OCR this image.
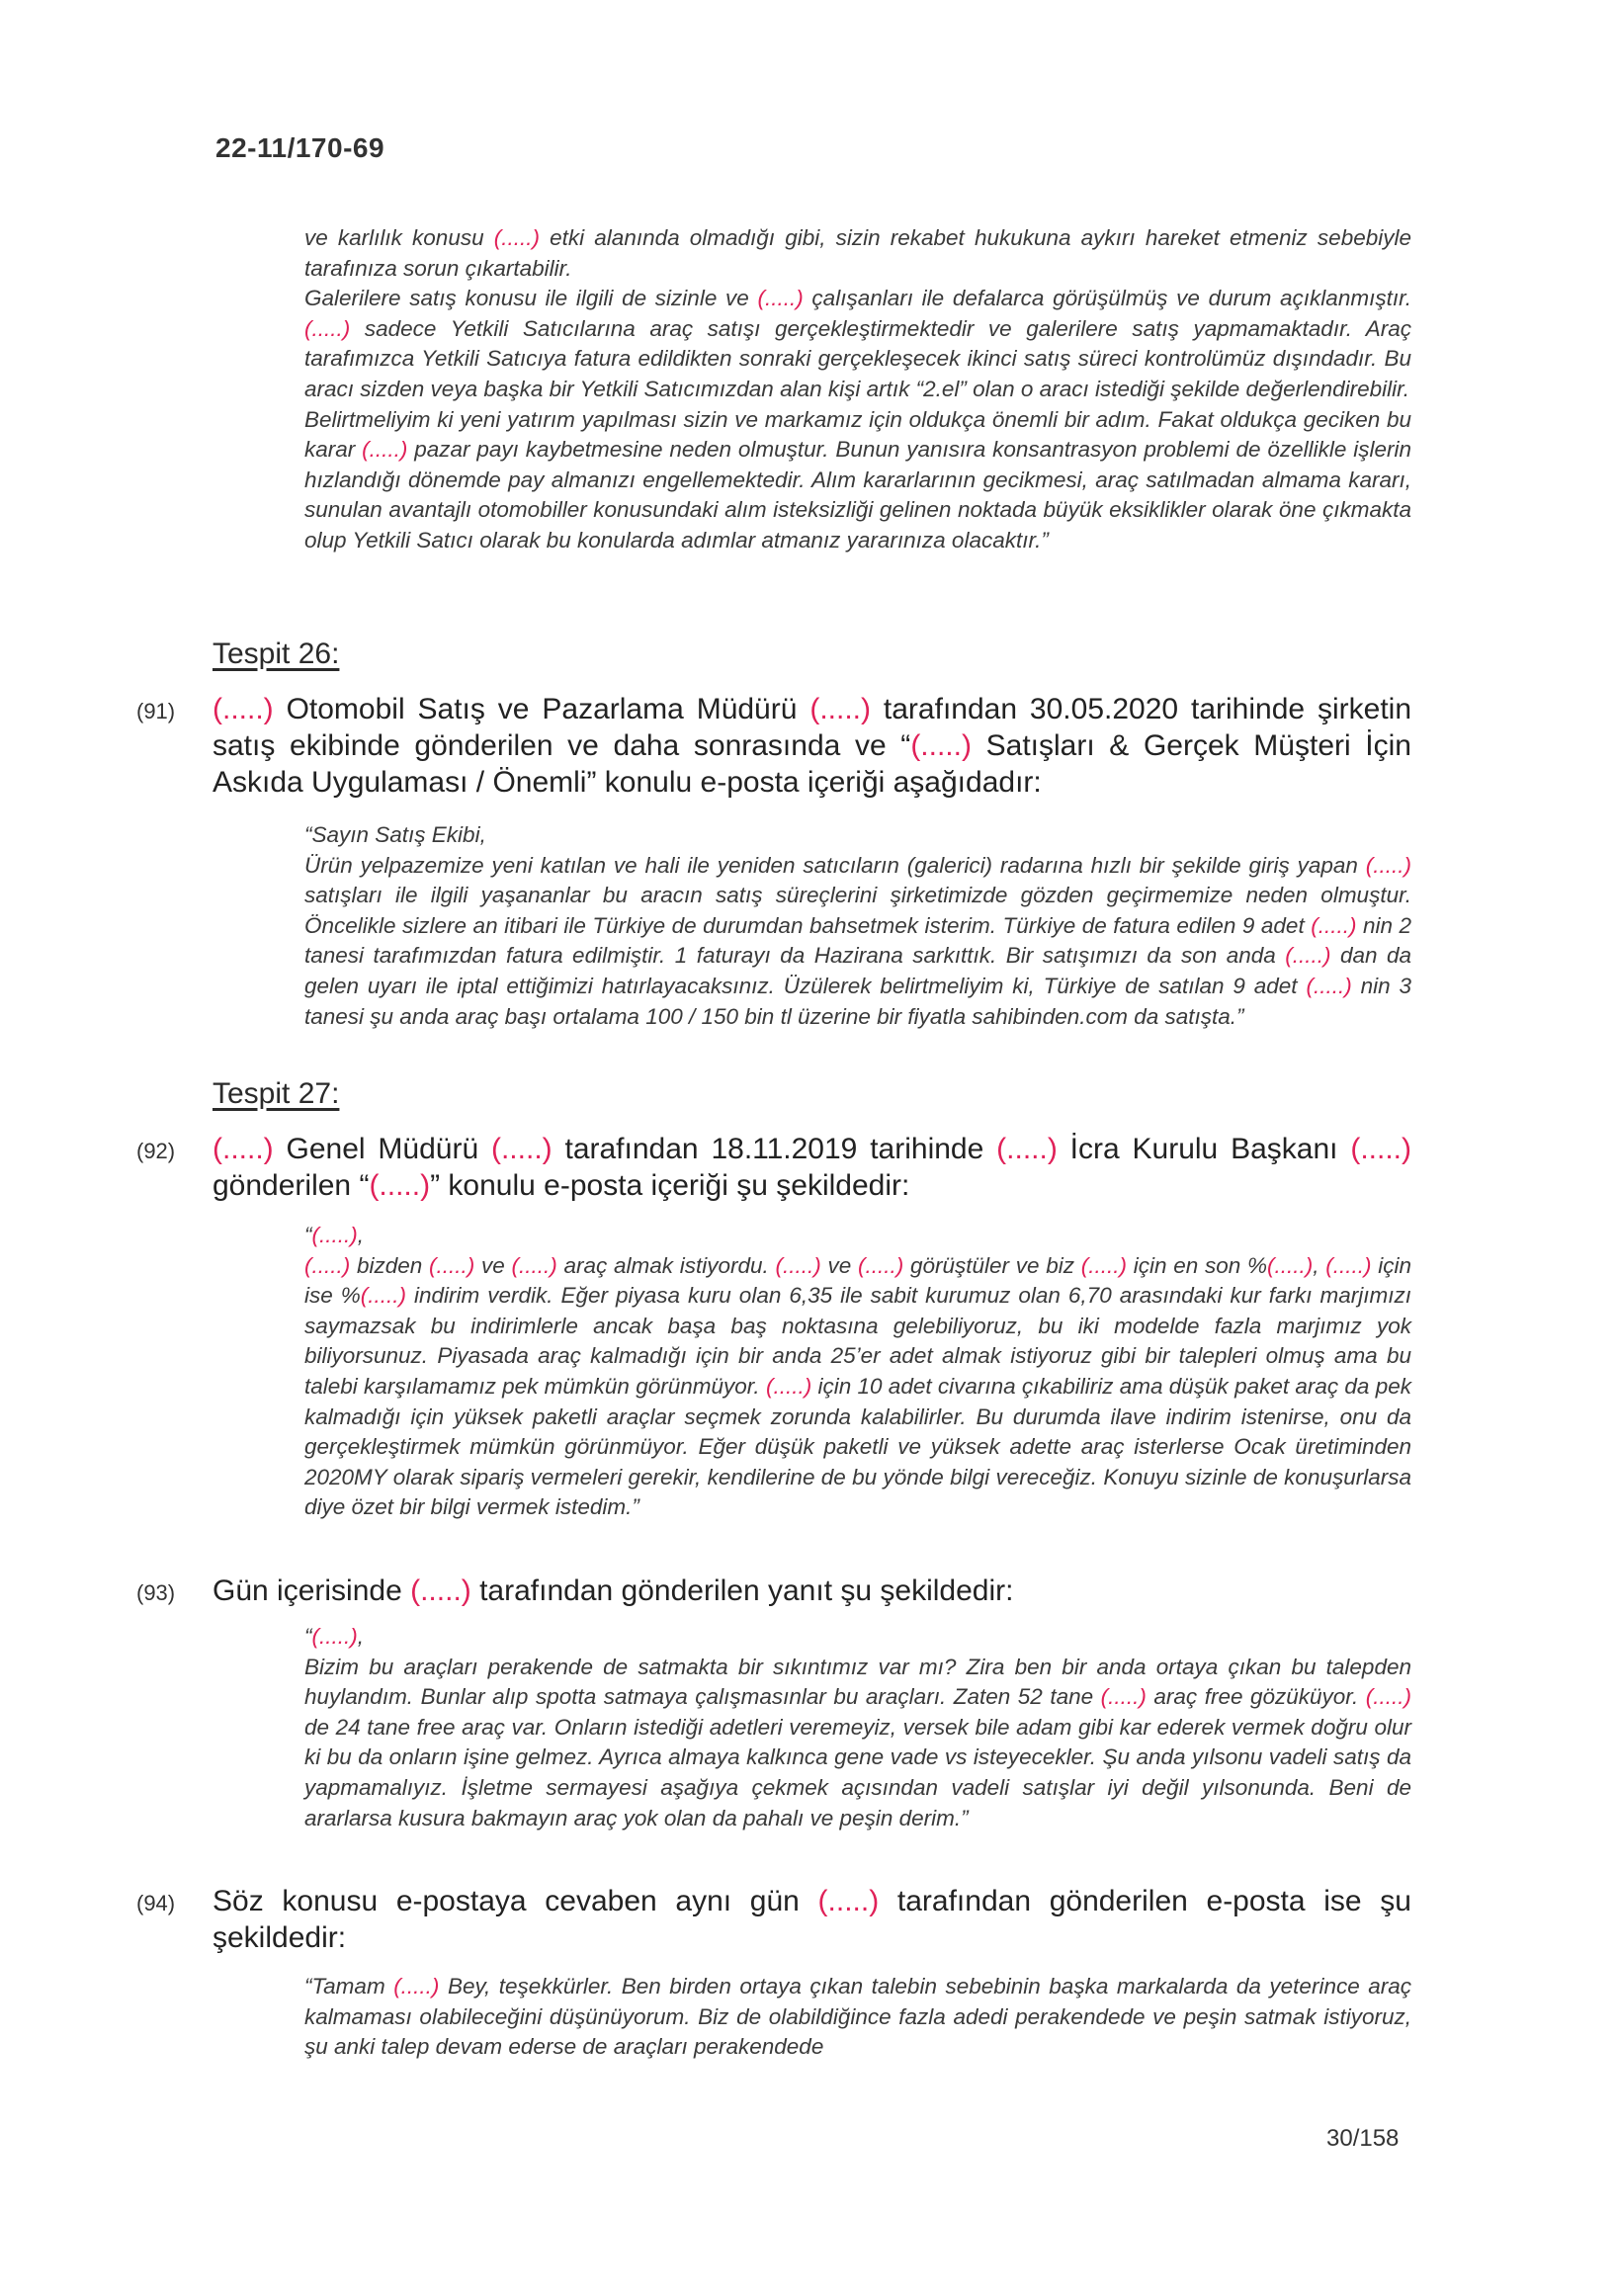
22-11/170-69

ve karlılık konusu (.....) etki alanında olmadığı gibi, sizin rekabet hukukuna aykırı hareket etmeniz sebebiyle tarafınıza sorun çıkartabilir.

Galerilere satış konusu ile ilgili de sizinle ve (.....) çalışanları ile defalarca görüşülmüş ve durum açıklanmıştır. (.....) sadece Yetkili Satıcılarına araç satışı gerçekleştirmektedir ve galerilere satış yapmamaktadır. Araç tarafımızca Yetkili Satıcıya fatura edildikten sonraki gerçekleşecek ikinci satış süreci kontrolümüz dışındadır. Bu aracı sizden veya başka bir Yetkili Satıcımızdan alan kişi artık “2.el” olan o aracı istediği şekilde değerlendirebilir.

Belirtmeliyim ki yeni yatırım yapılması sizin ve markamız için oldukça önemli bir adım. Fakat oldukça geciken bu karar (.....) pazar payı kaybetmesine neden olmuştur. Bunun yanısıra konsantrasyon problemi de özellikle işlerin hızlandığı dönemde pay almanızı engellemektedir. Alım kararlarının gecikmesi, araç satılmadan almama kararı, sunulan avantajlı otomobiller konusundaki alım isteksizliği gelinen noktada büyük eksiklikler olarak öne çıkmakta olup Yetkili Satıcı olarak bu konularda adımlar atmanız yararınıza olacaktır.”

Tespit 26:
(91) (.....) Otomobil Satış ve Pazarlama Müdürü (.....) tarafından 30.05.2020 tarihinde şirketin satış ekibinde gönderilen ve daha sonrasında ve “(.....) Satışları & Gerçek Müşteri İçin Askıda Uygulaması / Önemli” konulu e-posta içeriği aşağıdadır:

“Sayın Satış Ekibi,

Ürün yelpazemize yeni katılan ve hali ile yeniden satıcıların (galerici) radarına hızlı bir şekilde giriş yapan (.....) satışları ile ilgili yaşananlar bu aracın satış süreçlerini şirketimizde gözden geçirmemize neden olmuştur. Öncelikle sizlere an itibari ile Türkiye de durumdan bahsetmek isterim. Türkiye de fatura edilen 9 adet (.....) nin 2 tanesi tarafımızdan fatura edilmiştir. 1 faturayı da Hazirana sarkıttık. Bir satışımızı da son anda (.....) dan da gelen uyarı ile iptal ettiğimizi hatırlayacaksınız. Üzülerek belirtmeliyim ki, Türkiye de satılan 9 adet (.....) nin 3 tanesi şu anda araç başı ortalama 100 / 150 bin tl üzerine bir fiyatla sahibinden.com da satışta.”

Tespit 27:
(92) (.....) Genel Müdürü (.....) tarafından 18.11.2019 tarihinde (.....) İcra Kurulu Başkanı (.....) gönderilen “(.....)” konulu e-posta içeriği şu şekildedir:

“(.....),

(.....) bizden (.....) ve (.....) araç almak istiyordu. (.....) ve (.....) görüştüler ve biz (.....) için en son %(.....), (.....) için ise %(.....) indirim verdik. Eğer piyasa kuru olan 6,35 ile sabit kurumuz olan 6,70 arasındaki kur farkı marjımızı saymazsak bu indirimlerle ancak başa baş noktasına gelebiliyoruz, bu iki modelde fazla marjımız yok biliyorsunuz. Piyasada araç kalmadığı için bir anda 25’er adet almak istiyoruz gibi bir talepleri olmuş ama bu talebi karşılamamız pek mümkün görünmüyor. (.....) için 10 adet civarına çıkabiliriz ama düşük paket araç da pek kalmadığı için yüksek paketli araçlar seçmek zorunda kalabilirler. Bu durumda ilave indirim istenirse, onu da gerçekleştirmek mümkün görünmüyor. Eğer düşük paketli ve yüksek adette araç isterlerse Ocak üretiminden 2020MY olarak sipariş vermeleri gerekir, kendilerine de bu yönde bilgi vereceğiz. Konuyu sizinle de konuşurlarsa diye özet bir bilgi vermek istedim.”

(93) Gün içerisinde (.....) tarafından gönderilen yanıt şu şekildedir:

“(.....),

Bizim bu araçları perakende de satmakta bir sıkıntımız var mı? Zira ben bir anda ortaya çıkan bu talepden huylandım. Bunlar alıp spotta satmaya çalışmasınlar bu araçları. Zaten 52 tane (.....) araç free gözüküyor. (.....) de 24 tane free araç var. Onların istediği adetleri veremeyiz, versek bile adam gibi kar ederek vermek doğru olur ki bu da onların işine gelmez. Ayrıca almaya kalkınca gene vade vs isteyecekler. Şu anda yılsonu vadeli satış da yapmamalıyız. İşletme sermayesi aşağıya çekmek açısından vadeli satışlar iyi değil yılsonunda. Beni de ararlarsa kusura bakmayın araç yok olan da pahalı ve peşin derim.”

(94) Söz konusu e-postaya cevaben aynı gün (.....) tarafından gönderilen e-posta ise şu şekildedir:

“Tamam (.....) Bey, teşekkürler. Ben birden ortaya çıkan talebin sebebinin başka markalarda da yeterince araç kalmaması olabileceğini düşünüyorum. Biz de olabildiğince fazla adedi perakendede ve peşin satmak istiyoruz, şu anki talep devam ederse de araçları perakendede

30/158
